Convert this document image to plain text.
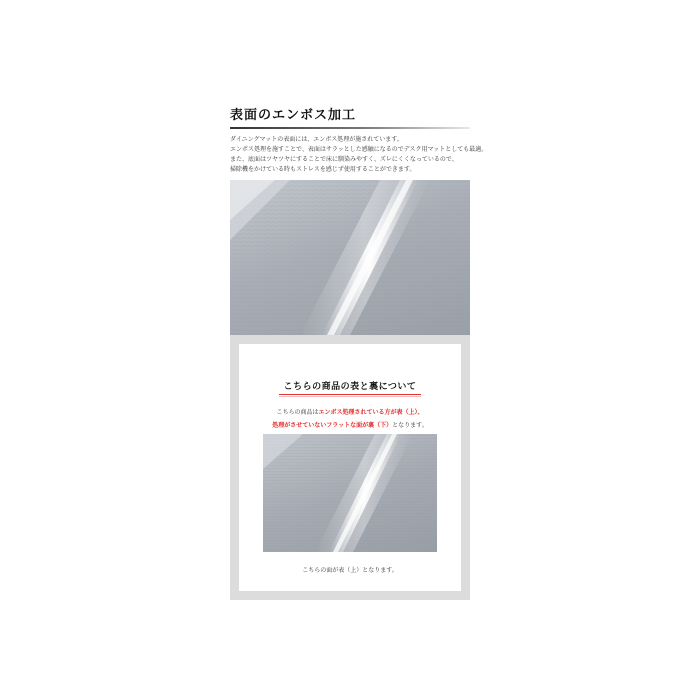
表面のエンボス加工
ダイニングマットの表面には、エンボス処理が施されています。
エンボス処理を施すことで、表面はサラッとした感触になるのでデスク用マットとしても最適。
また、底面はツヤツヤにすることで床に馴染みやすく、ズレにくくなっているので、
掃除機をかけている時もストレスを感じず使用することができます。
こちらの商品の表と裏について
こちらの商品はエンボス処理されている方が表（上）、
処理がさせていないフラットな面が裏（下）となります。
こちらの面が表（上）となります。
